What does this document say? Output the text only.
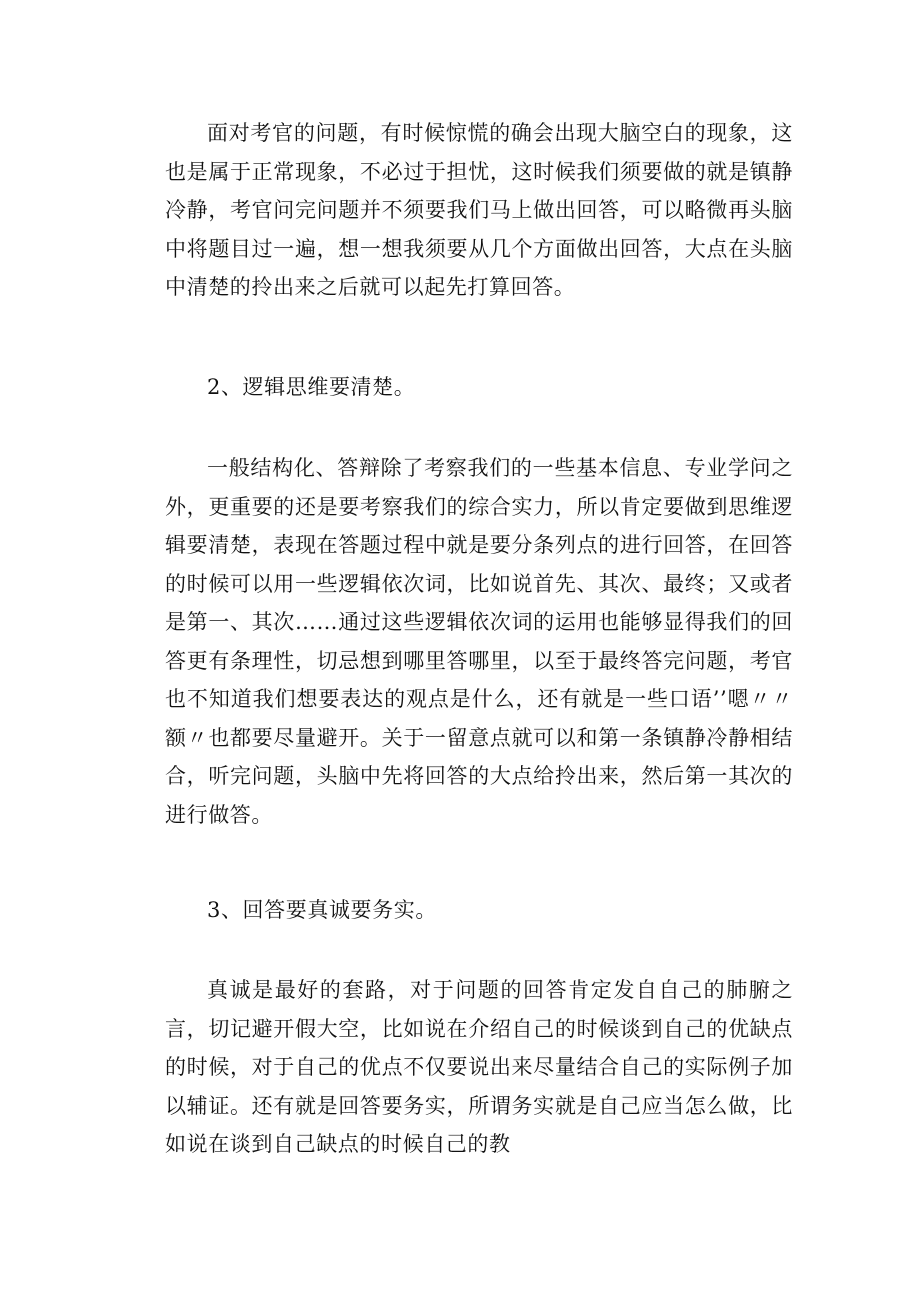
面对考官的问题，有时候惊慌的确会出现大脑空白的现象，这也是属于正常现象，不必过于担忧，这时候我们须要做的就是镇静冷静，考官问完问题并不须要我们马上做出回答，可以略微再头脑中将题目过一遍，想一想我须要从几个方面做出回答，大点在头脑中清楚的拎出来之后就可以起先打算回答。

2、逻辑思维要清楚。

一般结构化、答辩除了考察我们的一些基本信息、专业学问之外，更重要的还是要考察我们的综合实力，所以肯定要做到思维逻辑要清楚，表现在答题过程中就是要分条列点的进行回答，在回答的时候可以用一些逻辑依次词，比如说首先、其次、最终；又或者是第一、其次……通过这些逻辑依次词的运用也能够显得我们的回答更有条理性，切忌想到哪里答哪里，以至于最终答完问题，考官也不知道我们想要表达的观点是什么，还有就是一些口语’’嗯〃〃额〃也都要尽量避开。关于一留意点就可以和第一条镇静冷静相结合，听完问题，头脑中先将回答的大点给拎出来，然后第一其次的进行做答。

3、回答要真诚要务实。

真诚是最好的套路，对于问题的回答肯定发自自己的肺腑之言，切记避开假大空，比如说在介绍自己的时候谈到自己的优缺点的时候，对于自己的优点不仅要说出来尽量结合自己的实际例子加以辅证。还有就是回答要务实，所谓务实就是自己应当怎么做，比如说在谈到自己缺点的时候自己的教
